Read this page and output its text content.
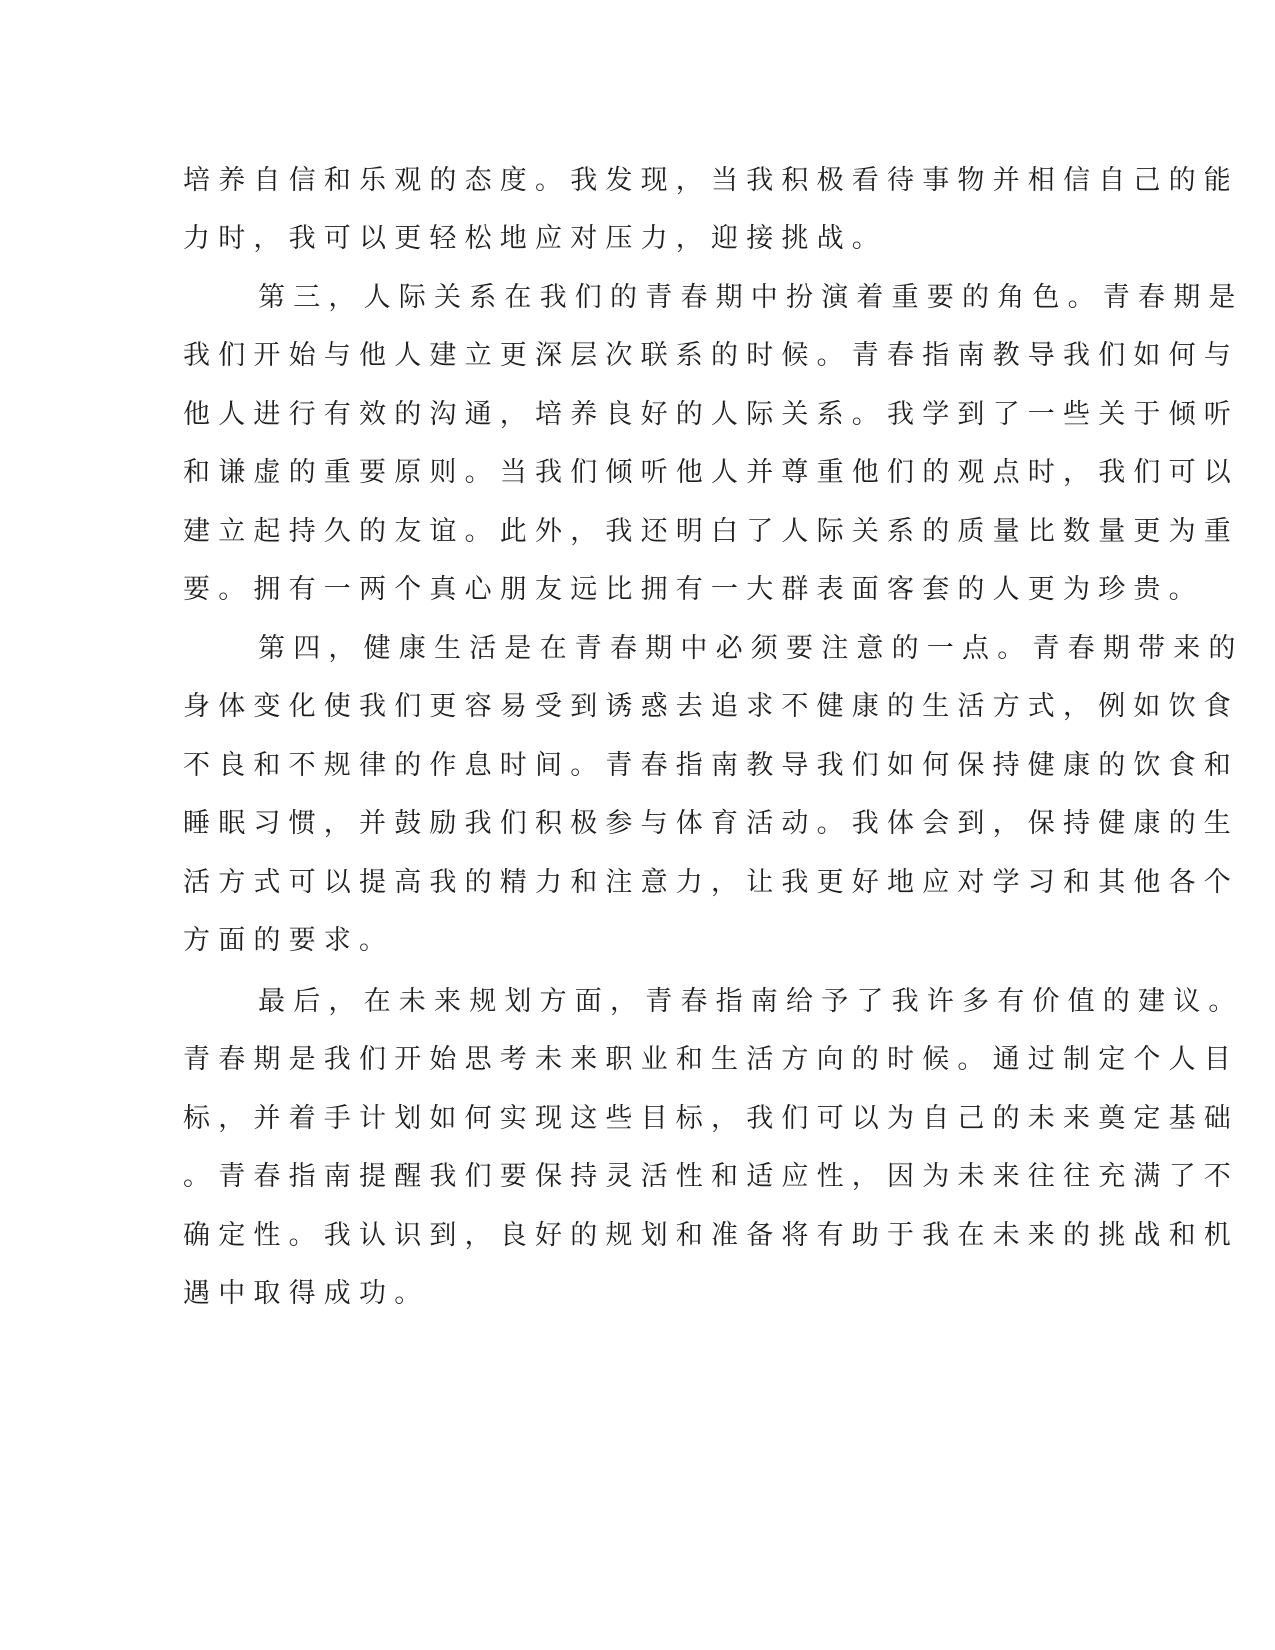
培养自信和乐观的态度。我发现，当我积极看待事物并相信自己的能
力时，我可以更轻松地应对压力，迎接挑战。
第三，人际关系在我们的青春期中扮演着重要的角色。青春期是
我们开始与他人建立更深层次联系的时候。青春指南教导我们如何与
他人进行有效的沟通，培养良好的人际关系。我学到了一些关于倾听
和谦虚的重要原则。当我们倾听他人并尊重他们的观点时，我们可以
建立起持久的友谊。此外，我还明白了人际关系的质量比数量更为重
要。拥有一两个真心朋友远比拥有一大群表面客套的人更为珍贵。
第四，健康生活是在青春期中必须要注意的一点。青春期带来的
身体变化使我们更容易受到诱惑去追求不健康的生活方式，例如饮食
不良和不规律的作息时间。青春指南教导我们如何保持健康的饮食和
睡眠习惯，并鼓励我们积极参与体育活动。我体会到，保持健康的生
活方式可以提高我的精力和注意力，让我更好地应对学习和其他各个
方面的要求。
最后，在未来规划方面，青春指南给予了我许多有价值的建议。
青春期是我们开始思考未来职业和生活方向的时候。通过制定个人目
标，并着手计划如何实现这些目标，我们可以为自己的未来奠定基础
。青春指南提醒我们要保持灵活性和适应性，因为未来往往充满了不
确定性。我认识到，良好的规划和准备将有助于我在未来的挑战和机
遇中取得成功。
